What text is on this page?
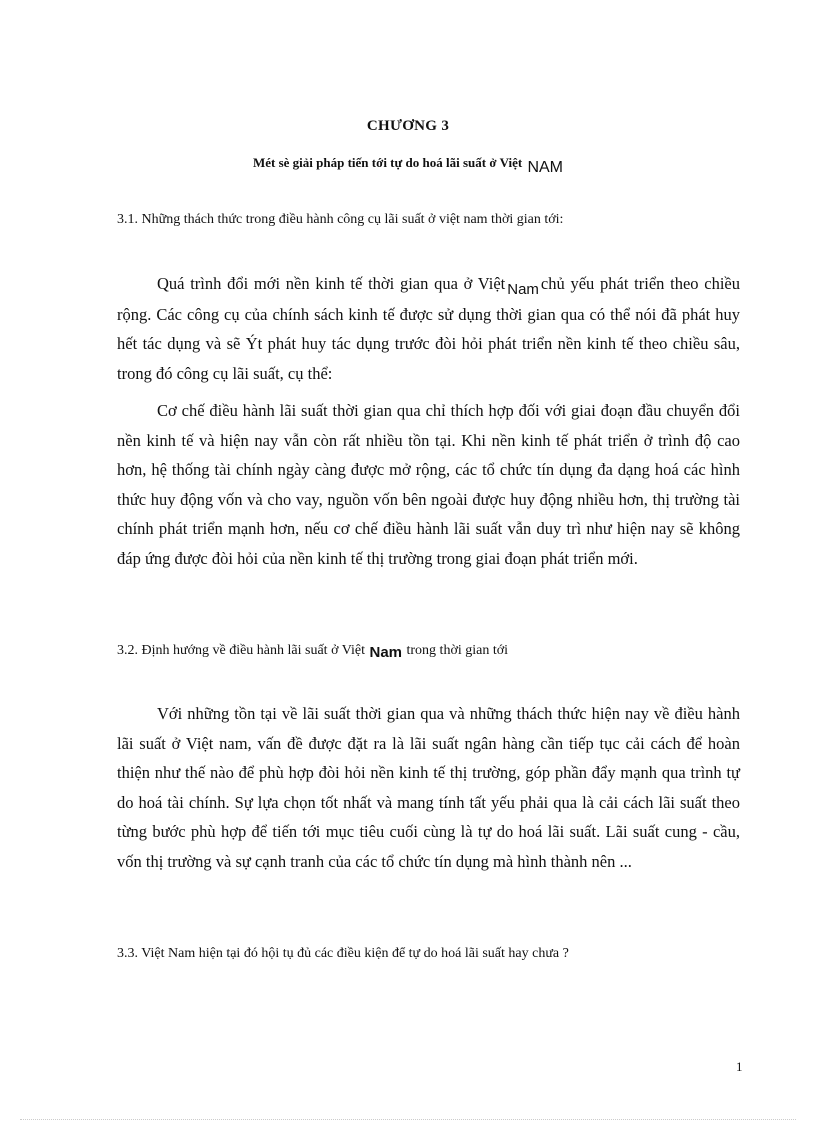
CHƯƠNG 3
Mét sè giải pháp tiến tới tự do hoá lãi suất ở Việt NAM
3.1. Những thách thức trong điều hành công cụ lãi suất ở việt nam thời gian tới:

Quá trình đổi mới nền kinh tế thời gian qua ở Việt Nam chủ yếu phát triển theo chiều rộng. Các công cụ của chính sách kinh tế được sử dụng thời gian qua có thể nói đã phát huy hết tác dụng và sẽ Ýt phát huy tác dụng trước đòi hỏi phát triển nền kinh tế theo chiều sâu, trong đó công cụ lãi suất, cụ thể:

Cơ chế điều hành lãi suất thời gian qua chỉ thích hợp đối với giai đoạn đầu chuyển đổi nền kinh tế và hiện nay vẫn còn rất nhiều tồn tại. Khi nền kinh tế phát triển ở trình độ cao hơn, hệ thống tài chính ngày càng được mở rộng, các tổ chức tín dụng đa dạng hoá các hình thức huy động vốn và cho vay, nguồn vốn bên ngoài được huy động nhiều hơn, thị trường tài chính phát triển mạnh hơn, nếu cơ chế điều hành lãi suất vẫn duy trì như hiện nay sẽ không đáp ứng được đòi hỏi của nền kinh tế thị trường trong giai đoạn phát triển mới.

3.2. Định hướng về điều hành lãi suất ở Việt Nam trong thời gian tới

Với những tồn tại về lãi suất thời gian qua và những thách thức hiện nay về điều hành lãi suất ở Việt nam, vấn đề được đặt ra là lãi suất ngân hàng cần tiếp tục cải cách để hoàn thiện như thế nào để phù hợp đòi hỏi nền kinh tế thị trường, góp phần đẩy mạnh qua trình tự do hoá tài chính. Sự lựa chọn tốt nhất và mang tính tất yếu phải qua là cải cách lãi suất theo từng bước phù hợp để tiến tới mục tiêu cuối cùng là tự do hoá lãi suất. Lãi suất cung - cầu, vốn thị trường và sự cạnh tranh của các tổ chức tín dụng mà hình thành nên ...

3.3. Việt Nam hiện tại đó hội tụ đủ các điều kiện để tự do hoá lãi suất hay chưa ?
1
